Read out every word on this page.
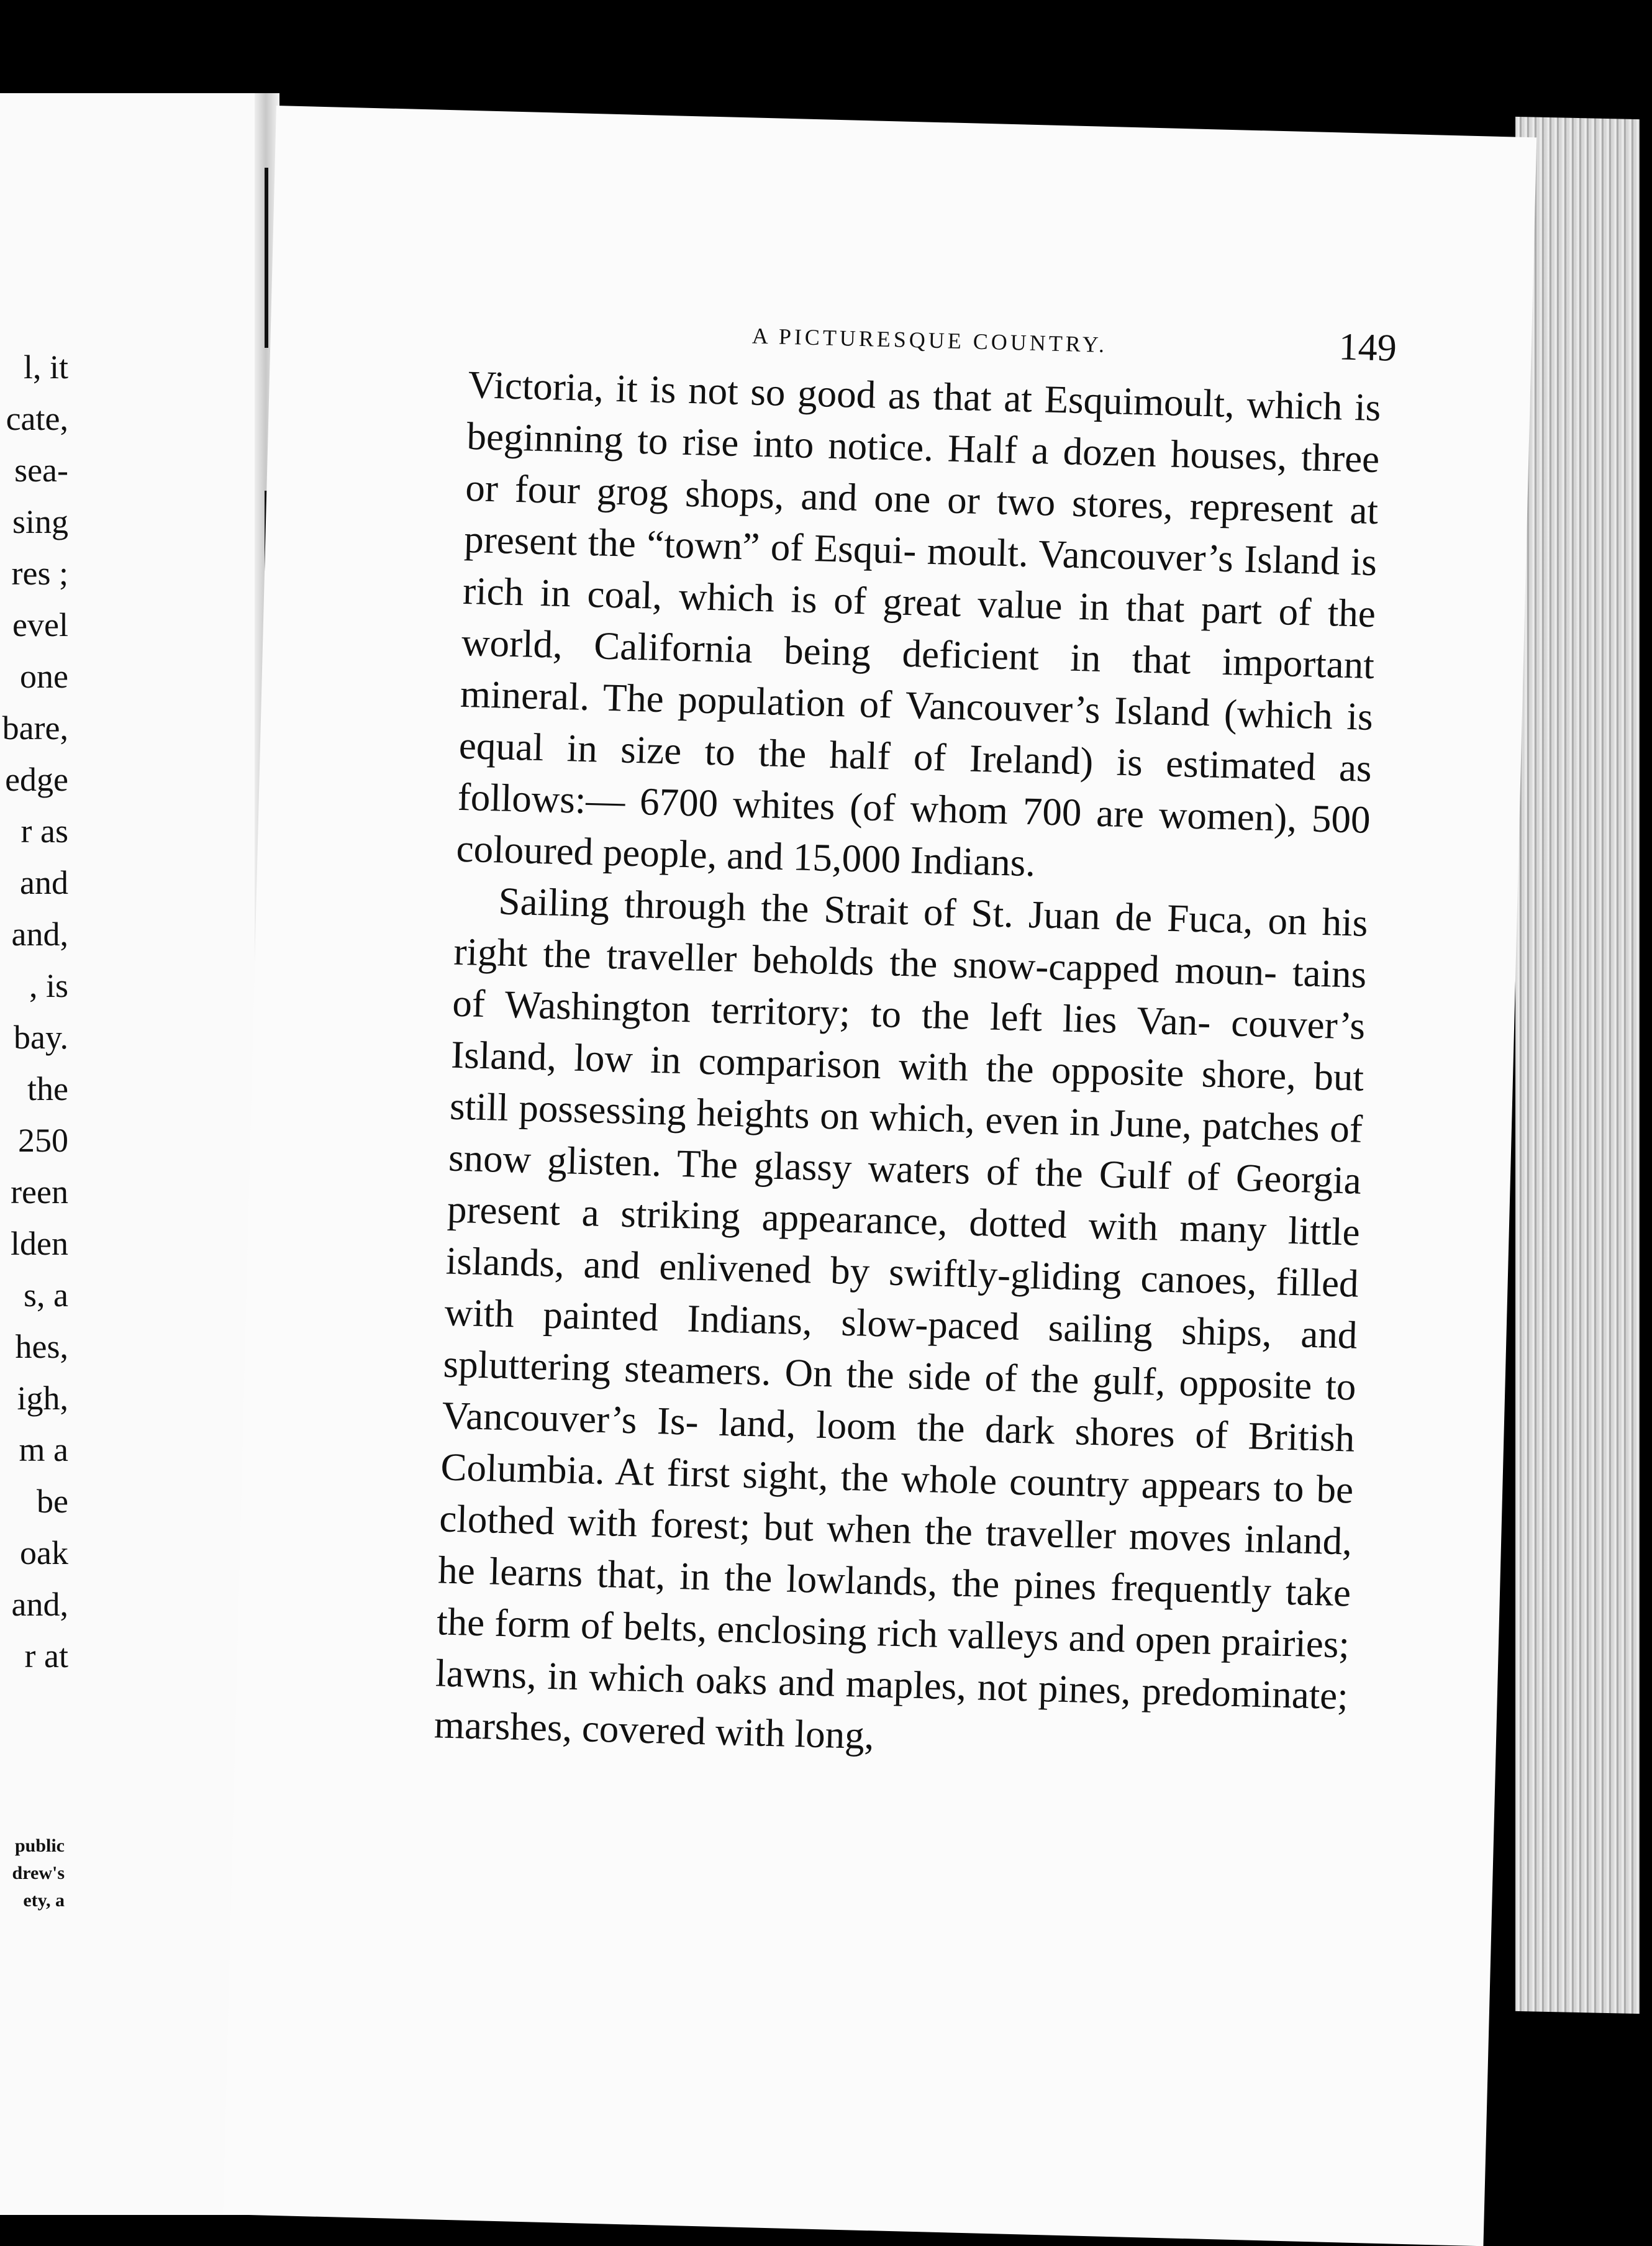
l, it
cate,
sea-
sing
res ;
evel
one
bare,
edge
r as
and
and,
, is
bay.
the
250
reen
lden
s, a
hes,
igh,
m a
be
oak
and,
r at
public
drew's
ety, a
A PICTURESQUE COUNTRY.	149

Victoria, it is not so good as that at Esquimoult, which is beginning to rise into notice. Half a dozen houses, three or four grog shops, and one or two stores, represent at present the “town” of Esqui- moult. Vancouver’s Island is rich in coal, which is of great value in that part of the world, California being deficient in that important mineral. The population of Vancouver’s Island (which is equal in size to the half of Ireland) is estimated as follows:— 6700 whites (of whom 700 are women), 500 coloured people, and 15,000 Indians.

Sailing through the Strait of St. Juan de Fuca, on his right the traveller beholds the snow-capped moun- tains of Washington territory; to the left lies Van- couver’s Island, low in comparison with the opposite shore, but still possessing heights on which, even in June, patches of snow glisten. The glassy waters of the Gulf of Georgia present a striking appearance, dotted with many little islands, and enlivened by swiftly-gliding canoes, filled with painted Indians, slow-paced sailing ships, and spluttering steamers. On the side of the gulf, opposite to Vancouver’s Is- land, loom the dark shores of British Columbia. At first sight, the whole country appears to be clothed with forest; but when the traveller moves inland, he learns that, in the lowlands, the pines frequently take the form of belts, enclosing rich valleys and open prairies; lawns, in which oaks and maples, not pines, predominate; marshes, covered with long,
